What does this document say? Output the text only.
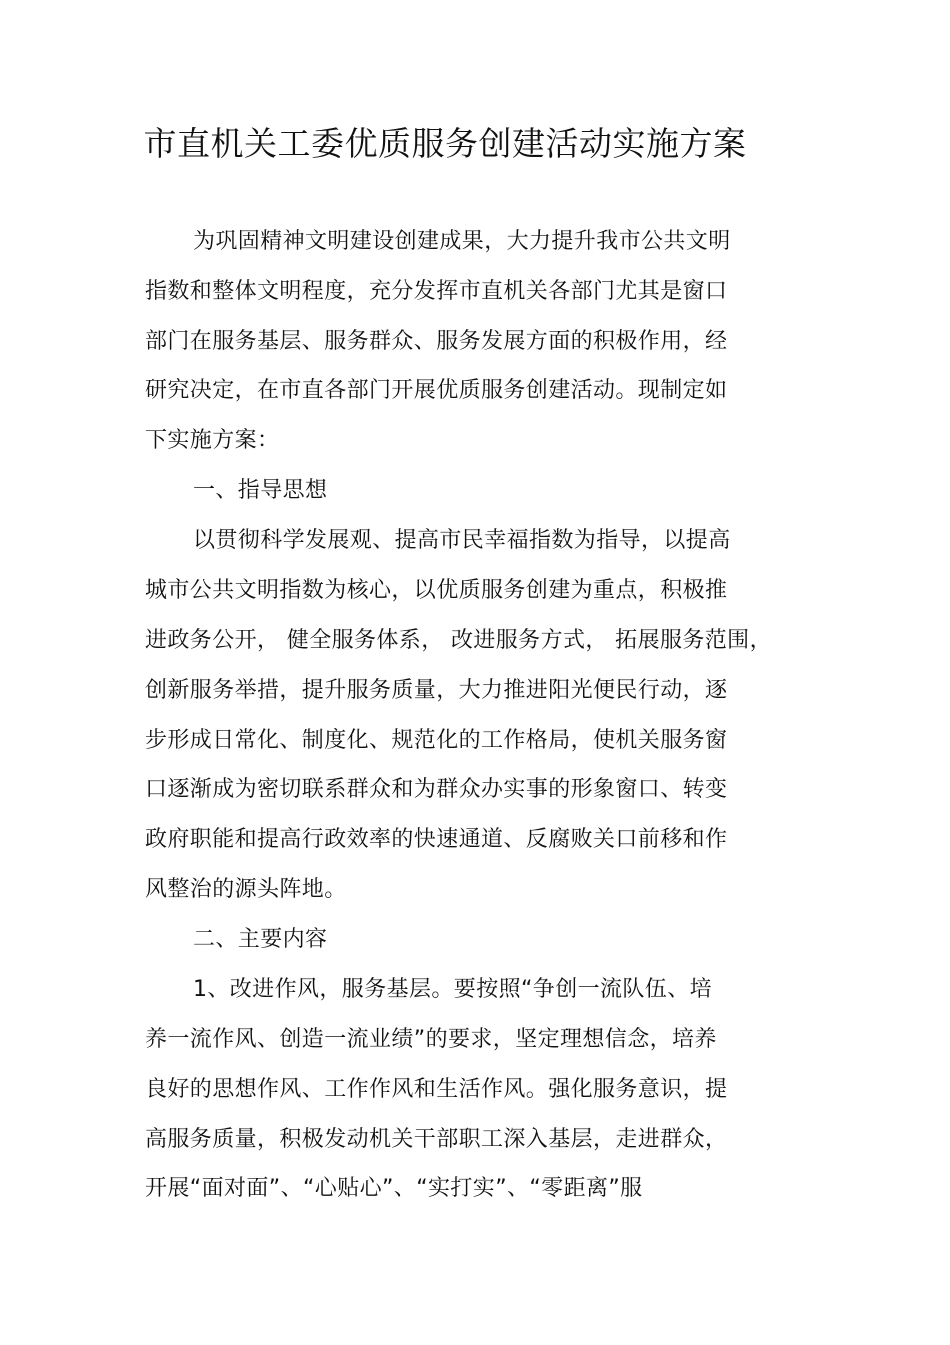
市直机关工委优质服务创建活动实施方案
为巩固精神文明建设创建成果，大力提升我市公共文明
指数和整体文明程度，充分发挥市直机关各部门尤其是窗口
部门在服务基层、服务群众、服务发展方面的积极作用，经
研究决定，在市直各部门开展优质服务创建活动。现制定如
下实施方案：
一、指导思想
以贯彻科学发展观、提高市民幸福指数为指导，以提高
城市公共文明指数为核心，以优质服务创建为重点，积极推
进政务公开， 健全服务体系， 改进服务方式， 拓展服务范围，
创新服务举措，提升服务质量，大力推进阳光便民行动，逐
步形成日常化、制度化、规范化的工作格局，使机关服务窗
口逐渐成为密切联系群众和为群众办实事的形象窗口、转变
政府职能和提高行政效率的快速通道、反腐败关口前移和作
风整治的源头阵地。
二、主要内容
1、改进作风，服务基层。要按照“争创一流队伍、培
养一流作风、创造一流业绩”的要求，坚定理想信念，培养
良好的思想作风、工作作风和生活作风。强化服务意识，提
高服务质量，积极发动机关干部职工深入基层，走进群众，
开展“面对面”、“心贴心”、“实打实”、“零距离”服
